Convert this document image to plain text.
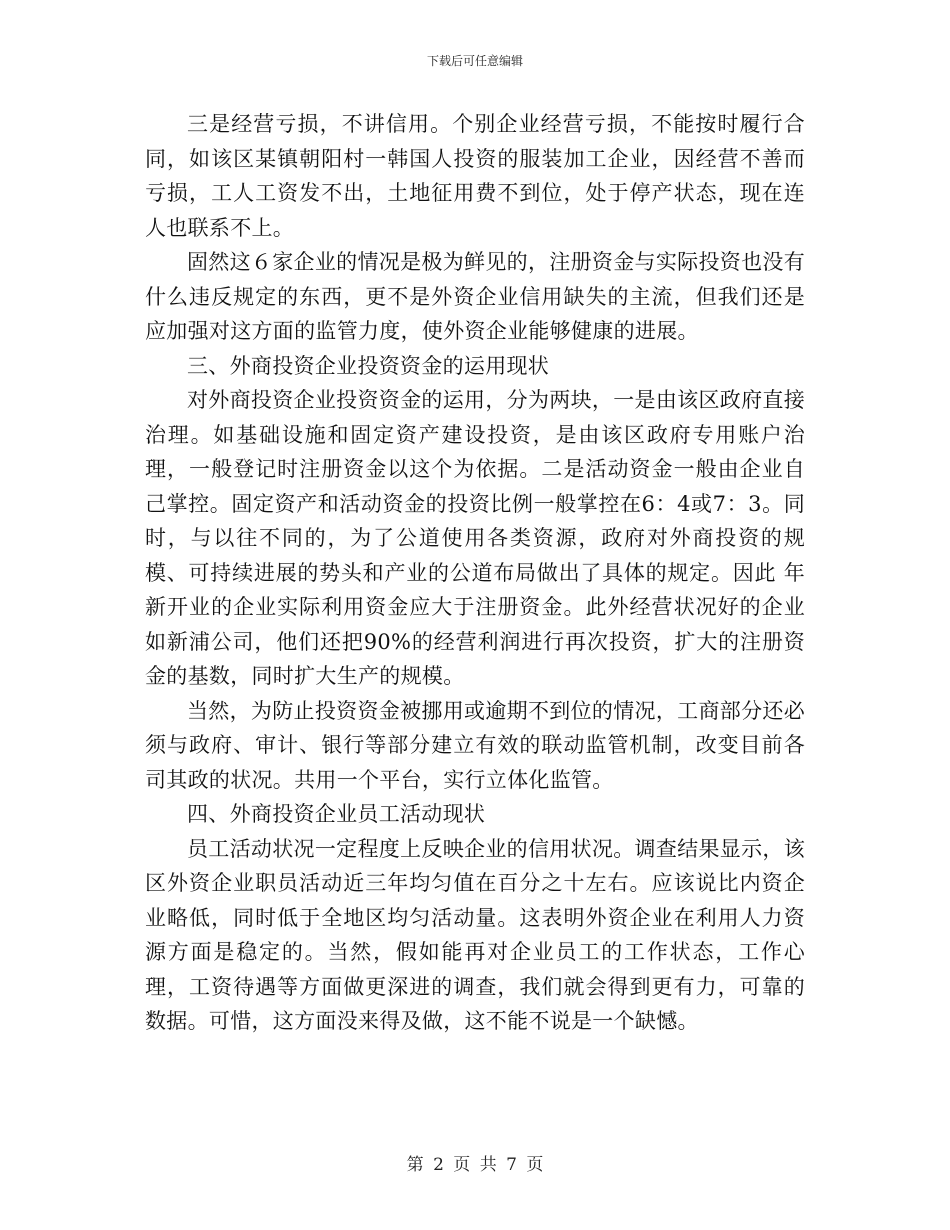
下载后可任意编辑

三是经营亏损，不讲信用。个别企业经营亏损，不能按时履行合同，如该区某镇朝阳村一韩国人投资的服装加工企业，因经营不善而亏损，工人工资发不出，土地征用费不到位，处于停产状态，现在连人也联系不上。

固然这６家企业的情况是极为鲜见的，注册资金与实际投资也没有什么违反规定的东西，更不是外资企业信用缺失的主流，但我们还是应加强对这方面的监管力度，使外资企业能够健康的进展。

三、外商投资企业投资资金的运用现状

对外商投资企业投资资金的运用，分为两块，一是由该区政府直接治理。如基础设施和固定资产建设投资，是由该区政府专用账户治理，一般登记时注册资金以这个为依据。二是活动资金一般由企业自己掌控。固定资产和活动资金的投资比例一般掌控在6：4或7：3。同时，与以往不同的，为了公道使用各类资源，政府对外商投资的规模、可持续进展的势头和产业的公道布局做出了具体的规定。因此 年新开业的企业实际利用资金应大于注册资金。此外经营状况好的企业如新浦公司，他们还把90%的经营利润进行再次投资，扩大的注册资金的基数，同时扩大生产的规模。

当然，为防止投资资金被挪用或逾期不到位的情况，工商部分还必须与政府、审计、银行等部分建立有效的联动监管机制，改变目前各司其政的状况。共用一个平台，实行立体化监管。

四、外商投资企业员工活动现状

员工活动状况一定程度上反映企业的信用状况。调查结果显示，该区外资企业职员活动近三年均匀值在百分之十左右。应该说比内资企业略低，同时低于全地区均匀活动量。这表明外资企业在利用人力资源方面是稳定的。当然，假如能再对企业员工的工作状态，工作心理，工资待遇等方面做更深进的调查，我们就会得到更有力，可靠的数据。可惜，这方面没来得及做，这不能不说是一个缺憾。

第 2 页 共 7 页
